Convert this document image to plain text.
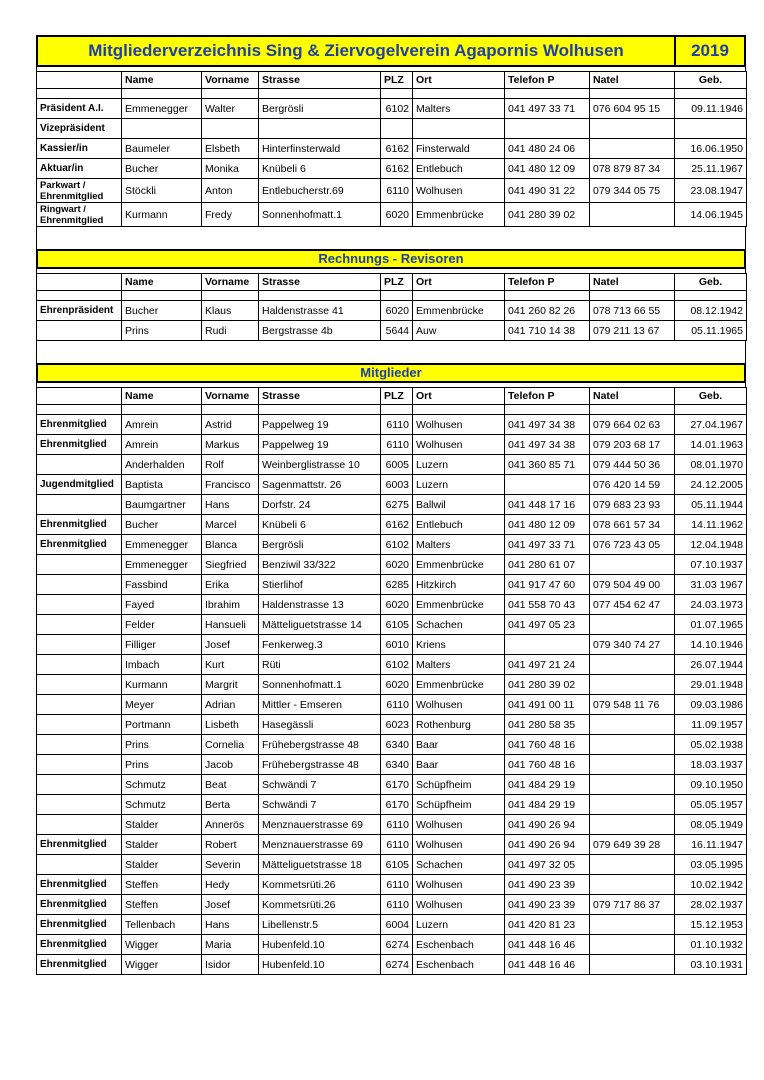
Mitgliederverzeichnis Sing & Ziervogelverein Agapornis Wolhusen	2019
	Name	Vorname	Strasse	PLZ	Ort	Telefon P	Natel	Geb.

Präsident A.I.	Emmenegger	Walter	Bergrösli	6102	Malters	041 497 33 71	076 604 95 15	09.11.1946
Vizepräsident								
Kassier/in	Baumeler	Elsbeth	Hinterfinsterwald	6162	Finsterwald	041 480 24 06		16.06.1950
Aktuar/in	Bucher	Monika	Knübeli 6	6162	Entlebuch	041 480 12 09	078 879 87 34	25.11.1967
Parkwart / Ehrenmitglied	Stöckli	Anton	Entlebucherstr.69	6110	Wolhusen	041 490 31 22	079 344 05 75	23.08.1947
Ringwart / Ehrenmitglied	Kurmann	Fredy	Sonnenhofmatt.1	6020	Emmenbrücke	041 280 39 02		14.06.1945
Rechnungs - Revisoren
	Name	Vorname	Strasse	PLZ	Ort	Telefon P	Natel	Geb.

Ehrenpräsident	Bucher	Klaus	Haldenstrasse 41	6020	Emmenbrücke	041 260 82 26	078 713 66 55	08.12.1942
	Prins	Rudi	Bergstrasse 4b	5644	Auw	041 710 14 38	079 211 13 67	05.11.1965
Mitglieder
	Name	Vorname	Strasse	PLZ	Ort	Telefon P	Natel	Geb.

Ehrenmitglied	Amrein	Astrid	Pappelweg 19	6110	Wolhusen	041 497 34 38	079 664 02 63	27.04.1967
Ehrenmitglied	Amrein	Markus	Pappelweg 19	6110	Wolhusen	041 497 34 38	079 203 68 17	14.01.1963
	Anderhalden	Rolf	Weinberglistrasse 10	6005	Luzern	041 360 85 71	079 444 50 36	08.01.1970
Jugendmitglied	Baptista	Francisco	Sagenmattstr. 26	6003	Luzern		076 420 14 59	24.12.2005
	Baumgartner	Hans	Dorfstr. 24	6275	Ballwil	041 448 17 16	079 683 23 93	05.11.1944
Ehrenmitglied	Bucher	Marcel	Knübeli 6	6162	Entlebuch	041 480 12 09	078 661 57 34	14.11.1962
Ehrenmitglied	Emmenegger	Blanca	Bergrösli	6102	Malters	041 497 33 71	076 723 43 05	12.04.1948
	Emmenegger	Siegfried	Benziwil 33/322	6020	Emmenbrücke	041 280 61 07		07.10.1937
	Fassbind	Erika	Stierlihof	6285	Hitzkirch	041 917 47 60	079 504 49 00	31.03 1967
	Fayed	Ibrahim	Haldenstrasse 13	6020	Emmenbrücke	041 558 70 43	077 454 62 47	24.03.1973
	Felder	Hansueli	Mätteliguetstrasse 14	6105	Schachen	041 497 05 23		01.07.1965
	Filliger	Josef	Fenkerweg.3	6010	Kriens		079 340 74 27	14.10.1946
	Imbach	Kurt	Rüti	6102	Malters	041 497 21 24		26.07.1944
	Kurmann	Margrit	Sonnenhofmatt.1	6020	Emmenbrücke	041 280 39 02		29.01.1948
	Meyer	Adrian	Mittler - Emseren	6110	Wolhusen	041 491 00 11	079 548 11 76	09.03.1986
	Portmann	Lisbeth	Hasegässli	6023	Rothenburg	041 280 58 35		11.09.1957
	Prins	Cornelia	Frühebergstrasse 48	6340	Baar	041 760 48 16		05.02.1938
	Prins	Jacob	Frühebergstrasse 48	6340	Baar	041 760 48 16		18.03.1937
	Schmutz	Beat	Schwändi 7	6170	Schüpfheim	041 484 29 19		09.10.1950
	Schmutz	Berta	Schwändi 7	6170	Schüpfheim	041 484 29 19		05.05.1957
	Stalder	Annerös	Menznauerstrasse 69	6110	Wolhusen	041 490 26 94		08.05.1949
Ehrenmitglied	Stalder	Robert	Menznauerstrasse 69	6110	Wolhusen	041 490 26 94	079 649 39 28	16.11.1947
	Stalder	Severin	Mätteliguetstrasse 18	6105	Schachen	041 497 32 05		03.05.1995
Ehrenmitglied	Steffen	Hedy	Kommetsrüti.26	6110	Wolhusen	041 490 23 39		10.02.1942
Ehrenmitglied	Steffen	Josef	Kommetsrüti.26	6110	Wolhusen	041 490 23 39	079 717 86 37	28.02.1937
Ehrenmitglied	Tellenbach	Hans	Libellenstr.5	6004	Luzern	041 420 81 23		15.12.1953
Ehrenmitglied	Wigger	Maria	Hubenfeld.10	6274	Eschenbach	041 448 16 46		01.10.1932
Ehrenmitglied	Wigger	Isidor	Hubenfeld.10	6274	Eschenbach	041 448 16 46		03.10.1931
